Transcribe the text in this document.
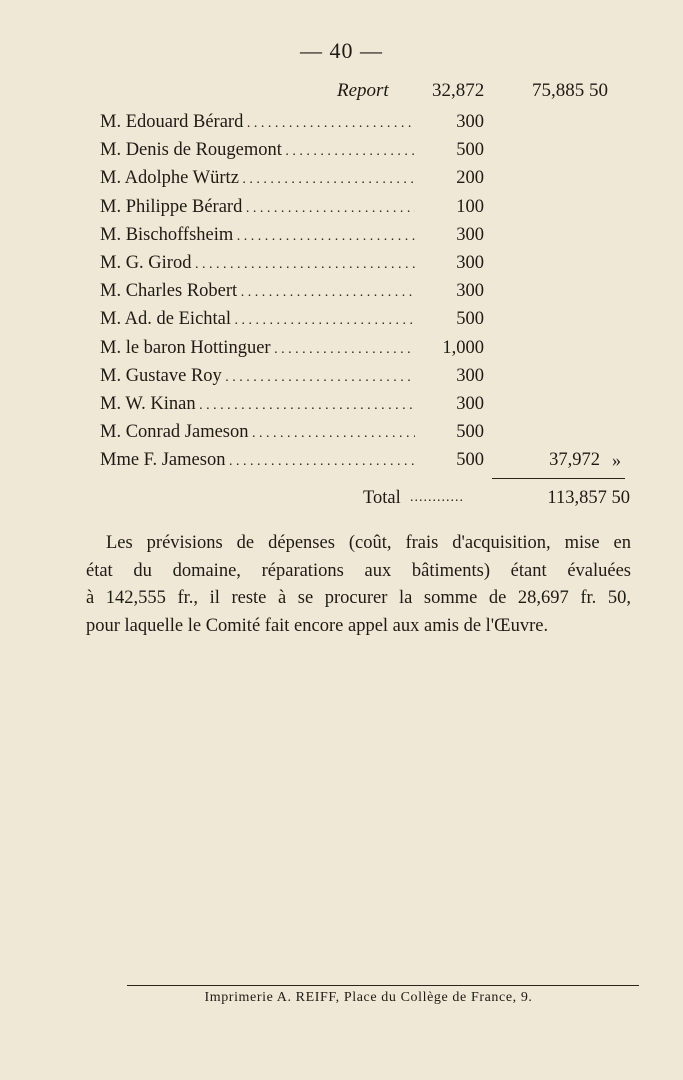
— 40 —
Report 32,872	75,885 50
M. Edouard Bérard . . .	300
M. Denis de Rougemont . . .	500
M. Adolphe Würtz . . .	200
M. Philippe Bérard . . .	100
M. Bischoffsheim . . .	300
M. G. Girod . . .	300
M. Charles Robert . . .	300
M. Ad. de Eichtal . . .	500
M. le baron Hottinguer . . .	1,000
M. Gustave Roy . . .	300
M. W. Kinan . . .	300
M. Conrad Jameson . . .	500
Mme F. Jameson . . .	500	37,972 »
Total ............	113,857 50
Les prévisions de dépenses (coût, frais d'acquisition, mise en
état du domaine, réparations aux bâtiments) étant évaluées
à 142,555 fr., il reste à se procurer la somme de 28,697 fr. 50,
pour laquelle le Comité fait encore appel aux amis de l'Œuvre.
Imprimerie A. REIFF, Place du Collège de France, 9.
